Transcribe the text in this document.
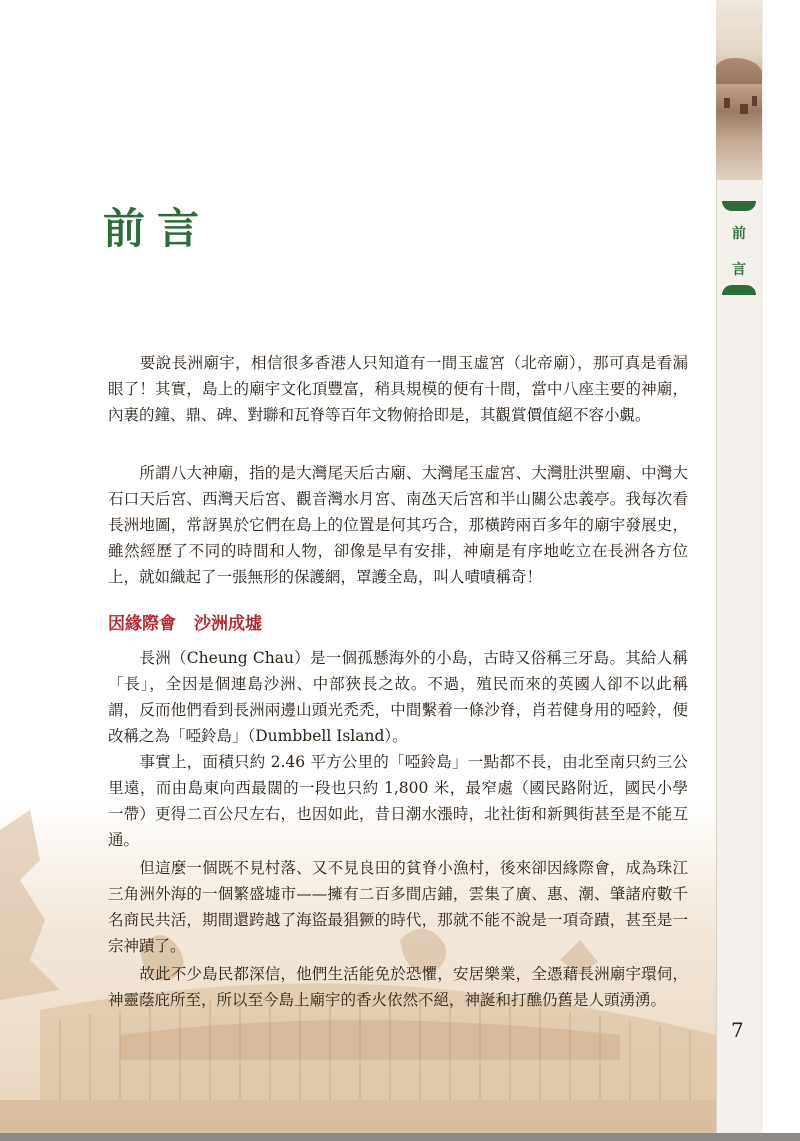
前
言
前言

　　要說長洲廟宇，相信很多香港人只知道有一間玉虛宮（北帝廟），那可真是看漏眼了！其實，島上的廟宇文化頂豐富，稍具規模的便有十間，當中八座主要的神廟，內裏的鐘、鼎、碑、對聯和瓦脊等百年文物俯拾即是，其觀賞價值絕不容小覷。

　　所謂八大神廟，指的是大灣尾天后古廟、大灣尾玉虛宮、大灣肚洪聖廟、中灣大石口天后宮、西灣天后宮、觀音灣水月宮、南氹天后宮和半山關公忠義亭。我每次看長洲地圖，常訝異於它們在島上的位置是何其巧合，那橫跨兩百多年的廟宇發展史，雖然經歷了不同的時間和人物，卻像是早有安排，神廟是有序地屹立在長洲各方位上，就如織起了一張無形的保護網，罩護全島，叫人嘖嘖稱奇！

因緣際會 沙洲成墟

　　長洲（Cheung Chau）是一個孤懸海外的小島，古時又俗稱三牙島。其給人稱「長」，全因是個連島沙洲、中部狹長之故。不過，殖民而來的英國人卻不以此稱謂，反而他們看到長洲兩邊山頭光禿禿，中間繫着一條沙脊，肖若健身用的啞鈴，便改稱之為「啞鈴島」（Dumbbell Island）。

　　事實上，面積只約 2.46 平方公里的「啞鈴島」一點都不長，由北至南只約三公里遠，而由島東向西最闊的一段也只約 1,800 米，最窄處（國民路附近，國民小學一帶）更得二百公尺左右，也因如此，昔日潮水漲時，北社街和新興街甚至是不能互通。

　　但這麼一個既不見村落、又不見良田的貧脊小漁村，後來卻因緣際會，成為珠江三角洲外海的一個繁盛墟市——擁有二百多間店鋪，雲集了廣、惠、潮、肇諸府數千名商民共活，期間還跨越了海盜最猖獗的時代，那就不能不說是一項奇蹟，甚至是一宗神蹟了。

　　故此不少島民都深信，他們生活能免於恐懼，安居樂業，全憑藉長洲廟宇環伺，神靈蔭庇所至，所以至今島上廟宇的香火依然不絕，神誕和打醮仍舊是人頭湧湧。

7
